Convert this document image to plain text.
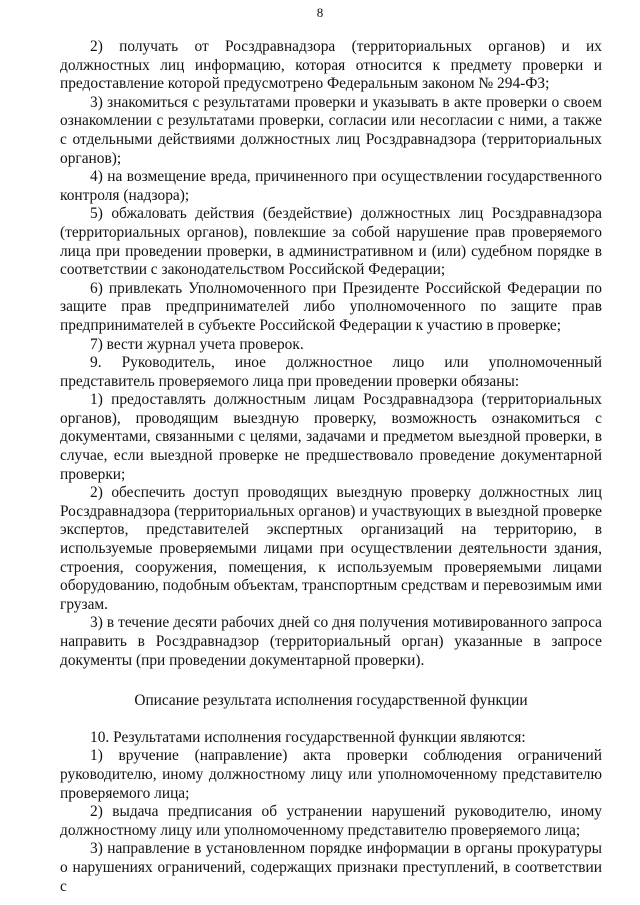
8

2) получать от Росздравнадзора (территориальных органов) и их должностных лиц информацию, которая относится к предмету проверки и предоставление которой предусмотрено Федеральным законом № 294-ФЗ;

3) знакомиться с результатами проверки и указывать в акте проверки о своем ознакомлении с результатами проверки, согласии или несогласии с ними, а также с отдельными действиями должностных лиц Росздравнадзора (территориальных органов);

4) на возмещение вреда, причиненного при осуществлении государственного контроля (надзора);

5) обжаловать действия (бездействие) должностных лиц Росздравнадзора (территориальных органов), повлекшие за собой нарушение прав проверяемого лица при проведении проверки, в административном и (или) судебном порядке в соответствии с законодательством Российской Федерации;

6) привлекать Уполномоченного при Президенте Российской Федерации по защите прав предпринимателей либо уполномоченного по защите прав предпринимателей в субъекте Российской Федерации к участию в проверке;

7) вести журнал учета проверок.

9. Руководитель, иное должностное лицо или уполномоченный представитель проверяемого лица при проведении проверки обязаны:

1) предоставлять должностным лицам Росздравнадзора (территориальных органов), проводящим выездную проверку, возможность ознакомиться с документами, связанными с целями, задачами и предметом выездной проверки, в случае, если выездной проверке не предшествовало проведение документарной проверки;

2) обеспечить доступ проводящих выездную проверку должностных лиц Росздравнадзора (территориальных органов) и участвующих в выездной проверке экспертов, представителей экспертных организаций на территорию, в используемые проверяемыми лицами при осуществлении деятельности здания, строения, сооружения, помещения, к используемым проверяемыми лицами оборудованию, подобным объектам, транспортным средствам и перевозимым ими грузам.

3) в течение десяти рабочих дней со дня получения мотивированного запроса направить в Росздравнадзор (территориальный орган) указанные в запросе документы (при проведении документарной проверки).

Описание результата исполнения государственной функции

10. Результатами исполнения государственной функции являются:

1) вручение (направление) акта проверки соблюдения ограничений руководителю, иному должностному лицу или уполномоченному представителю проверяемого лица;

2) выдача предписания об устранении нарушений руководителю, иному должностному лицу или уполномоченному представителю проверяемого лица;

3) направление в установленном порядке информации в органы прокуратуры о нарушениях ограничений, содержащих признаки преступлений, в соответствии с
